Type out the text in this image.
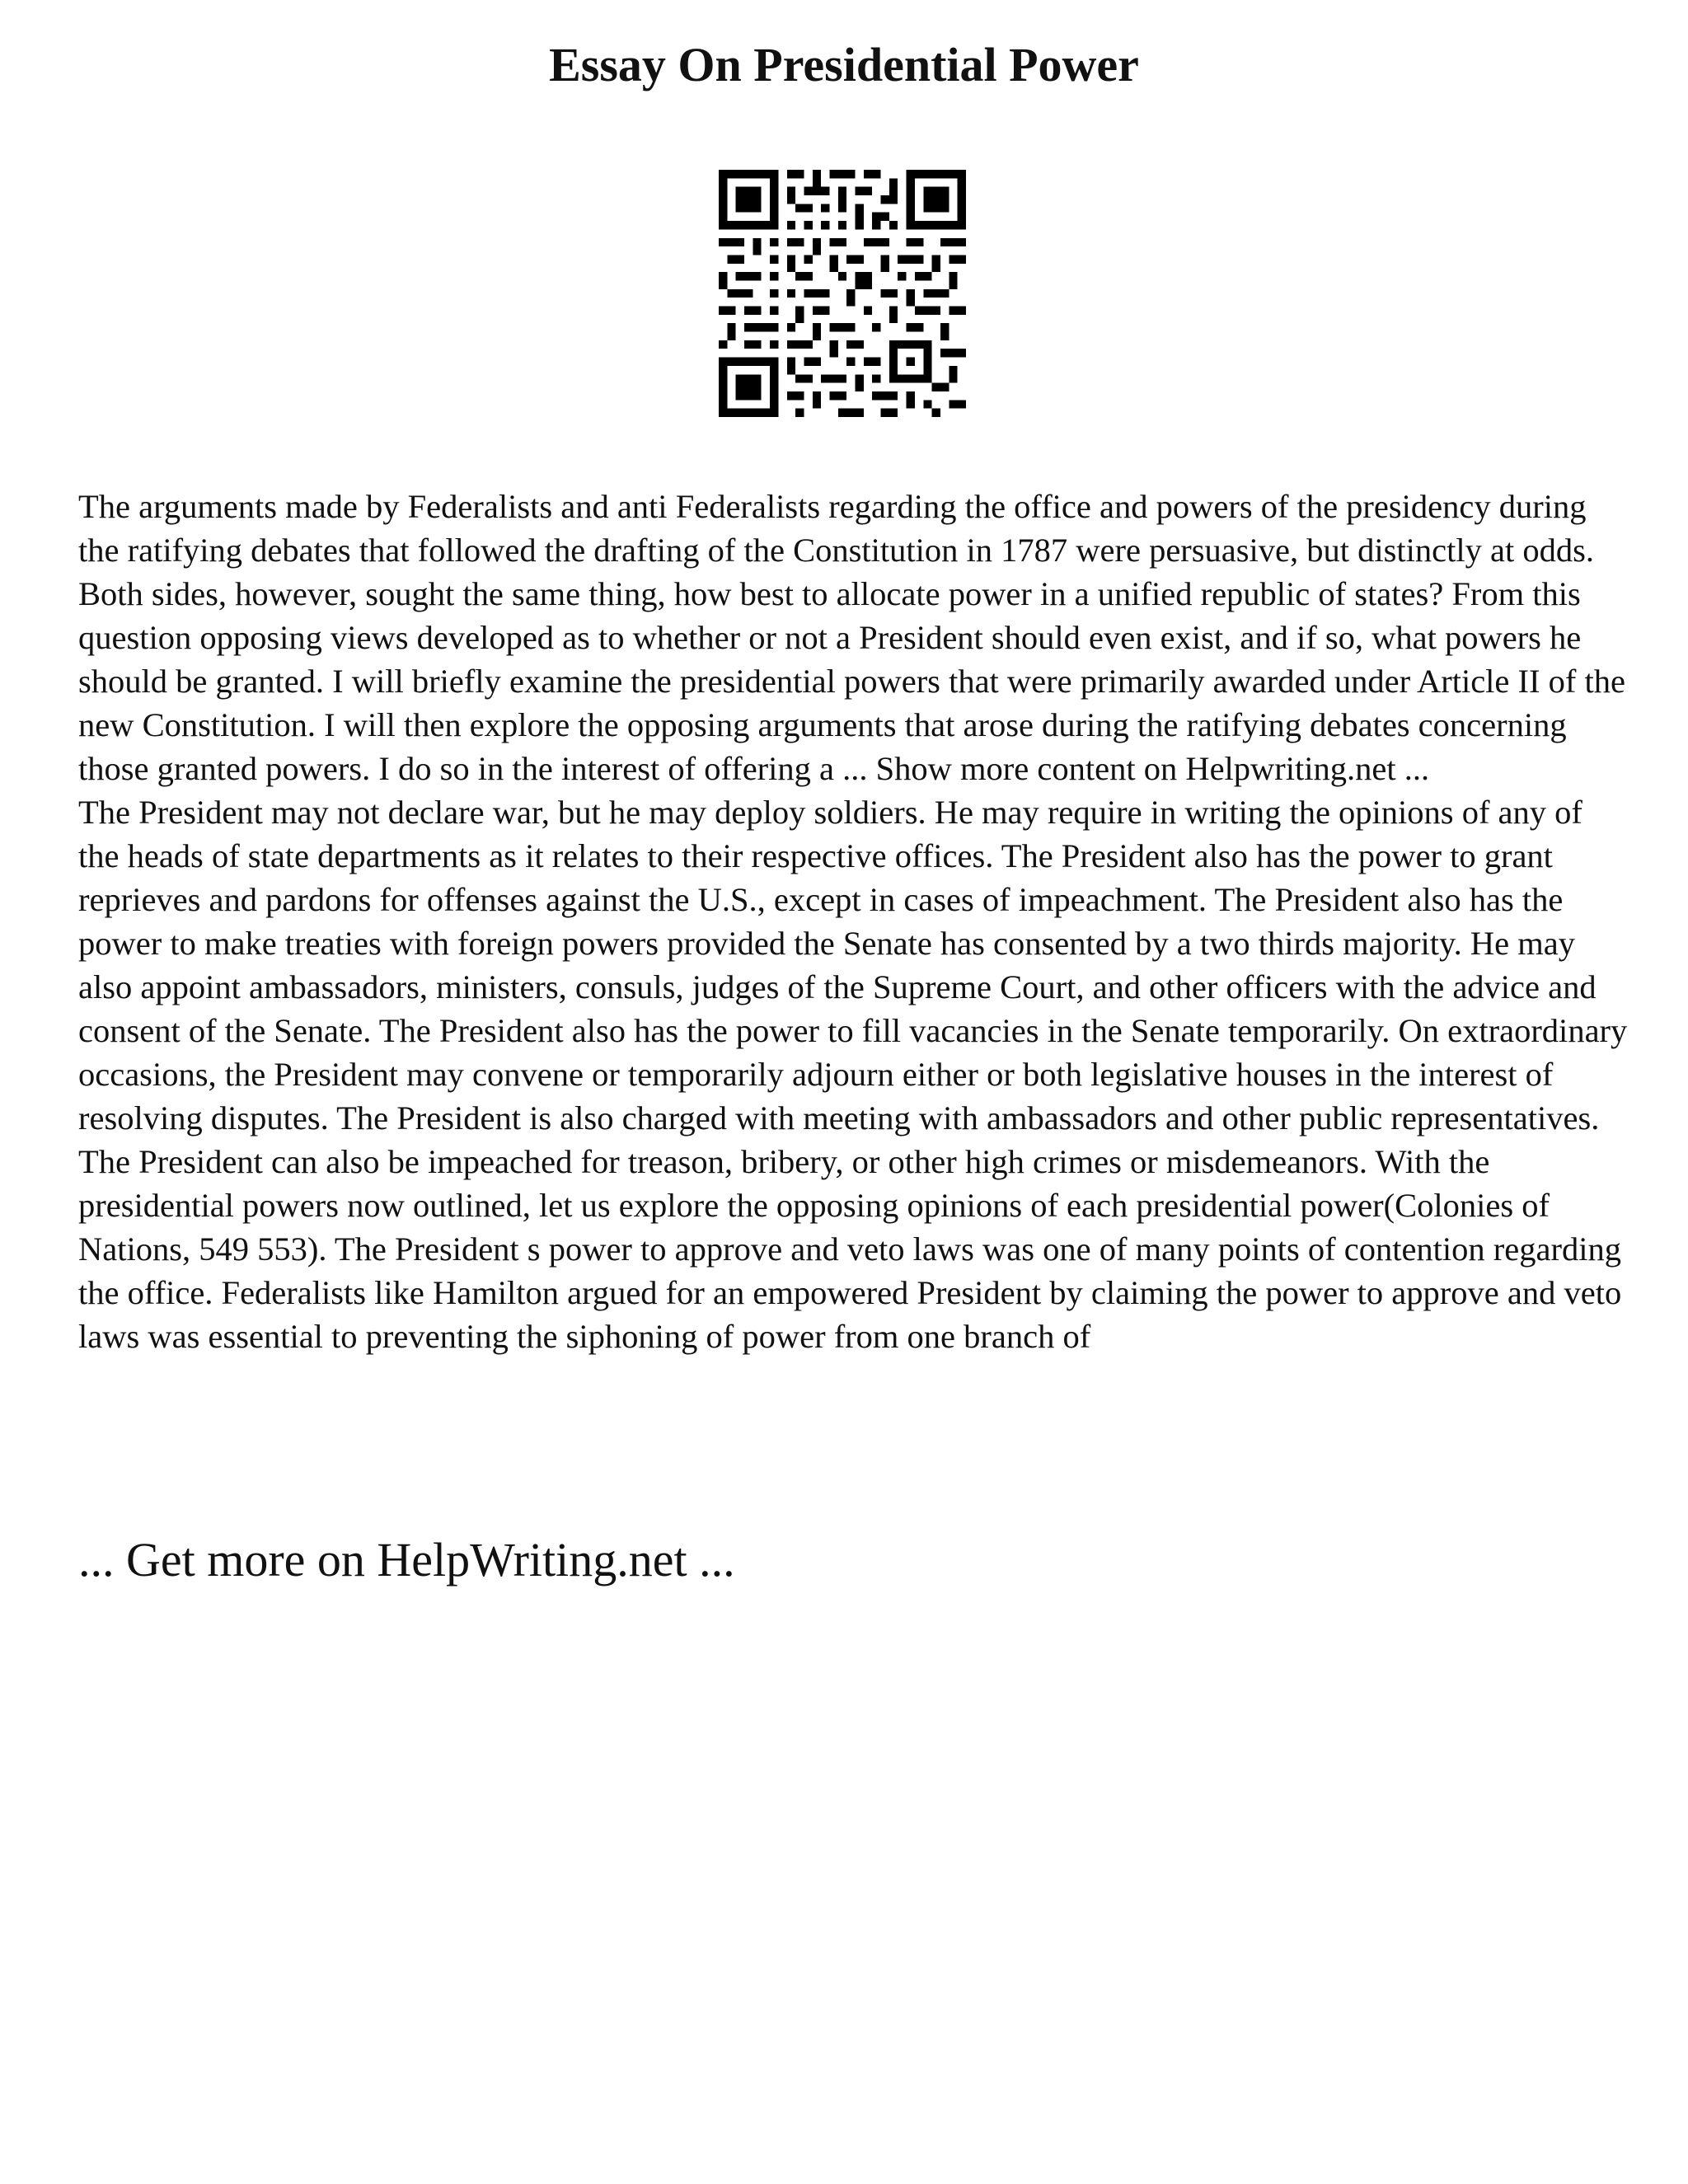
Essay On Presidential Power

The arguments made by Federalists and anti Federalists regarding the office and powers of the presidency during the ratifying debates that followed the drafting of the Constitution in 1787 were persuasive, but distinctly at odds. Both sides, however, sought the same thing, how best to allocate power in a unified republic of states? From this question opposing views developed as to whether or not a President should even exist, and if so, what powers he should be granted. I will briefly examine the presidential powers that were primarily awarded under Article II of the new Constitution. I will then explore the opposing arguments that arose during the ratifying debates concerning those granted powers. I do so in the interest of offering a ... Show more content on Helpwriting.net ...

The President may not declare war, but he may deploy soldiers. He may require in writing the opinions of any of the heads of state departments as it relates to their respective offices. The President also has the power to grant reprieves and pardons for offenses against the U.S., except in cases of impeachment. The President also has the power to make treaties with foreign powers provided the Senate has consented by a two thirds majority. He may also appoint ambassadors, ministers, consuls, judges of the Supreme Court, and other officers with the advice and consent of the Senate. The President also has the power to fill vacancies in the Senate temporarily. On extraordinary occasions, the President may convene or temporarily adjourn either or both legislative houses in the interest of resolving disputes. The President is also charged with meeting with ambassadors and other public representatives. The President can also be impeached for treason, bribery, or other high crimes or misdemeanors. With the presidential powers now outlined, let us explore the opposing opinions of each presidential power(Colonies of Nations, 549 553). The President s power to approve and veto laws was one of many points of contention regarding the office. Federalists like Hamilton argued for an empowered President by claiming the power to approve and veto laws was essential to preventing the siphoning of power from one branch of

... Get more on HelpWriting.net ...
